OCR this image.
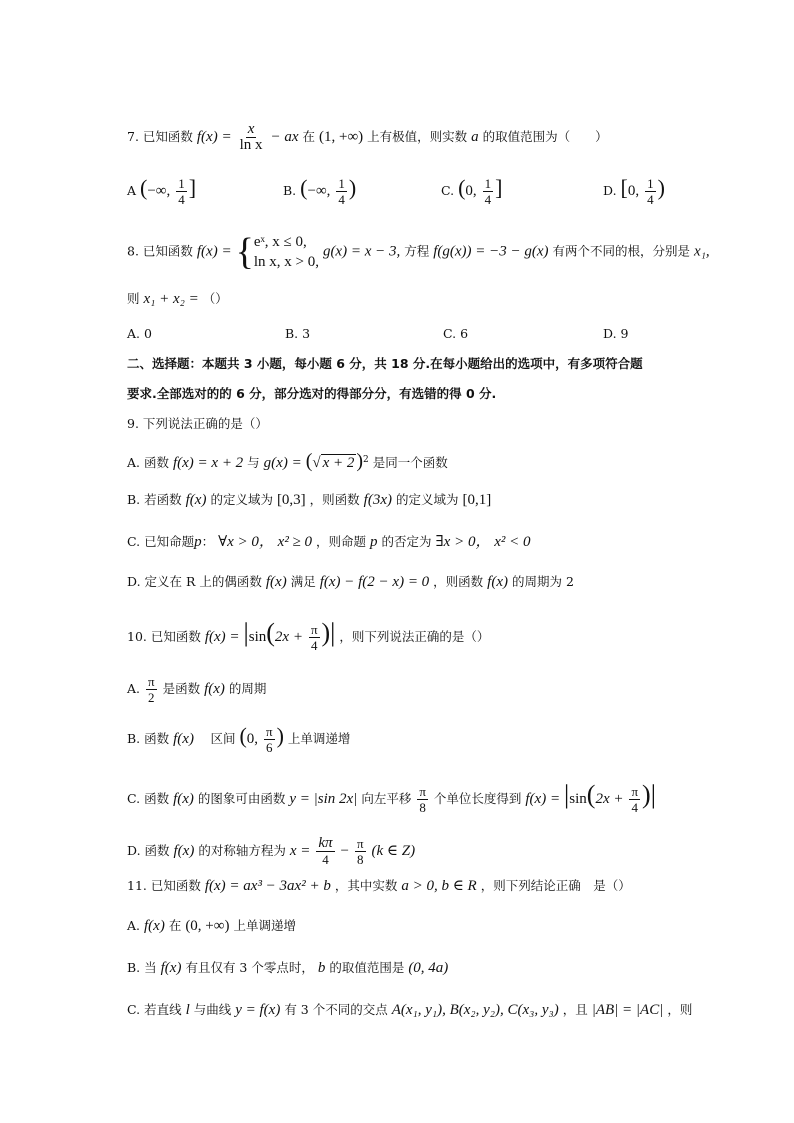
7. 已知函数 $f(x) = \frac{x}{\text{ln x}}$ − ax 在 (1, +∞) 上有极值，则实数 a 的取值范围为（　　）
A (−∞, $\frac{1}{4}$ ]	B. (−∞, $\frac{1}{4}$ )	C. (0, $\frac{1}{4}$ ]	D. [0, $\frac{1}{4}$ )
8. 已知函数 f(x) = { eˣ, x ≤ 0,
ln x, x > 0,
g(x) = x − 3, 方程 f(g(x)) = −3 − g(x) 有两个不同的根，分别是 x₁,
则 x₁ + x₂ = （）
A. 0	B. 3	C. 6	D. 9
二、选择题：本题共 3 小题，每小题 6 分，共 18 分.在每小题给出的选项中，有多项符合题
要求.全部选对的的 6 分，部分选对的得部分分，有选错的得 0 分.
9. 下列说法正确的是（）
A. 函数 f(x) = x + 2 与 g(x) = (√ x + 2 )$^2$ 是同一个函数
B. 若函数 f(x) 的定义域为 [0,3] ，则函数 f(3x) 的定义域为 [0,1]
C. 已知命题p： ∀x > 0， x² ≥ 0 ，则命题 p 的否定为 ∃x > 0， x² < 0
D. 定义在 R 上的偶函数 f(x) 满足 f(x) − f(2 − x) = 0 ，则函数 f(x) 的周期为 2
10. 已知函数 $f(x) = |\sin(2x + \frac{\pi}{4}$ )| ，则下列说法正确的是（）
A. $\frac{\pi}{2}$ 是函数 f(x) 的周期
B. 函数 f(x) 　区间 (0, $\frac{\pi}{6}$ ) 上单调递增
C. 函数 f(x) 的图象可由函数 y = |sin 2x| 向左平移 $\frac{\pi}{8}$ 个单位长度得到 $f(x) = |\sin(2x + \frac{\pi}{4}$ )|
D. 函数 f(x) 的对称轴方程为 $x = \frac{k\pi}{4} - \frac{\pi}{8} (k$ ∈ Z)
11. 已知函数 f(x) = ax³ − 3ax² + b ，其中实数 a > 0, b ∈ R ，则下列结论正确　是（）
A. f(x) 在 (0, +∞) 上单调递增
B. 当 f(x) 有且仅有 3 个零点时， b 的取值范围是 (0, 4a)
C. 若直线 l 与曲线 y = f(x) 有 3 个不同的交点 A(x₁, y₁), B(x₂, y₂), C(x₃, y₃) ，且 |AB| = |AC| ，则
